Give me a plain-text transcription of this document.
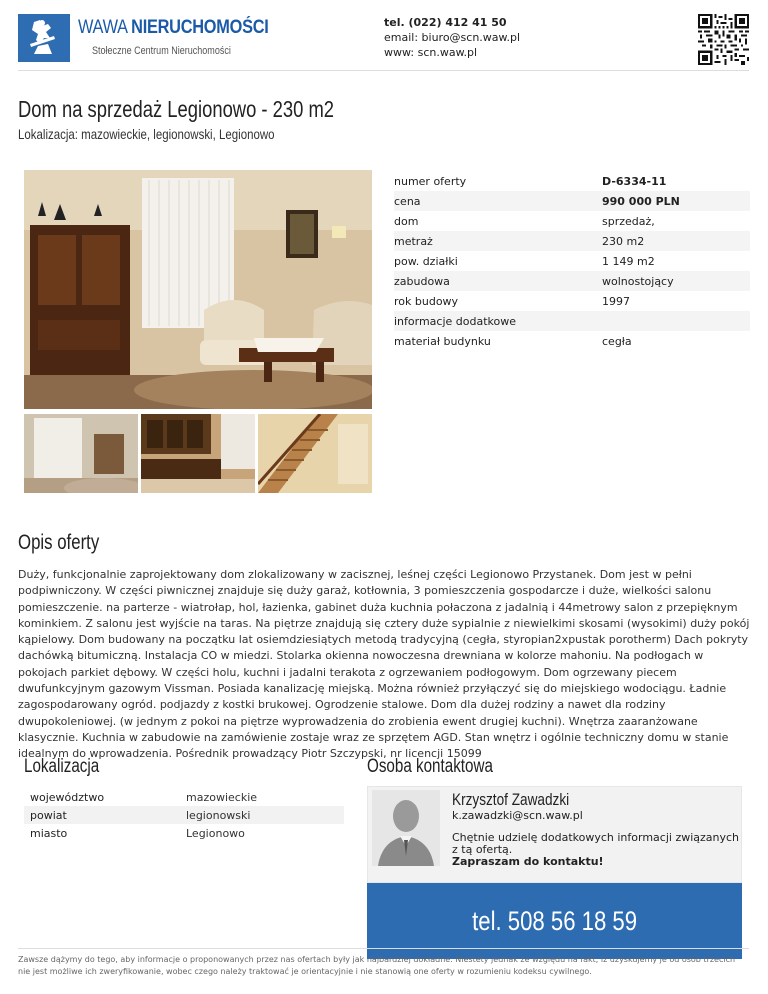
WAWA NIERUCHOMOŚCI
Stołeczne Centrum Nieruchomości
tel. (022) 412 41 50
email: biuro@scn.waw.pl
www: scn.waw.pl
Dom na sprzedaż Legionowo - 230 m2
Lokalizacja: mazowieckie, legionowski, Legionowo
numer oferty	D-6334-11
cena	990 000 PLN
dom	sprzedaż,
metraż	230 m2
pow. działki	1 149 m2
zabudowa	wolnostojący
rok budowy	1997
informacje dodatkowe
materiał budynku	cegła
Opis oferty
Duży, funkcjonalnie zaprojektowany dom zlokalizowany w zacisznej, leśnej części Legionowo Przystanek. Dom jest w pełni podpiwniczony. W części piwnicznej znajduje się duży garaż, kotłownia, 3 pomieszczenia gospodarcze i duże, wielkości salonu pomieszczenie. na parterze - wiatrołap, hol, łazienka, gabinet duża kuchnia połaczona z jadalnią i 44metrowy salon z przepięknym kominkiem. Z salonu jest wyjście na taras. Na piętrze znajdują się cztery duże sypialnie z niewielkimi skosami (wysokimi) duży pokój kąpielowy. Dom budowany na początku lat osiemdziesiątych metodą tradycyjną (cegła, styropian2xpustak porotherm) Dach pokryty dachówką bitumiczną. Instalacja CO w miedzi. Stolarka okienna nowoczesna drewniana w kolorze mahoniu. Na podłogach w pokojach parkiet dębowy. W części holu, kuchni i jadalni terakota z ogrzewaniem podłogowym. Dom ogrzewany piecem dwufunkcyjnym gazowym Vissman. Posiada kanalizację miejską. Można również przyłączyć się do miejskiego wodociągu. Ładnie zagospodarowany ogród. podjazdy z kostki brukowej. Ogrodzenie stalowe. Dom dla dużej rodziny a nawet dla rodziny dwupokoleniowej. (w jednym z pokoi na piętrze wyprowadzenia do zrobienia ewent drugiej kuchni). Wnętrza zaaranżowane klasycznie. Kuchnia w zabudowie na zamówienie zostaje wraz ze sprzętem AGD. Stan wnętrz i ogólnie techniczny domu w stanie idealnym do wprowadzenia. Pośrednik prowadzący Piotr Szczypski, nr licencji 15099
Lokalizacja
województwo	mazowieckie
powiat	legionowski
miasto	Legionowo
Osoba kontaktowa
Krzysztof Zawadzki
k.zawadzki@scn.waw.pl
Chętnie udzielę dodatkowych informacji związanych z tą ofertą.
Zapraszam do kontaktu!
tel. 508 56 18 59
Zawsze dążymy do tego, aby informacje o proponowanych przez nas ofertach były jak najbardziej dokładne. Niestety jednak ze względu na fakt, iż uzyskujemy je od osób trzecich nie jest możliwe ich zweryfikowanie, wobec czego należy traktować je orientacyjnie i nie stanowią one oferty w rozumieniu kodeksu cywilnego.
